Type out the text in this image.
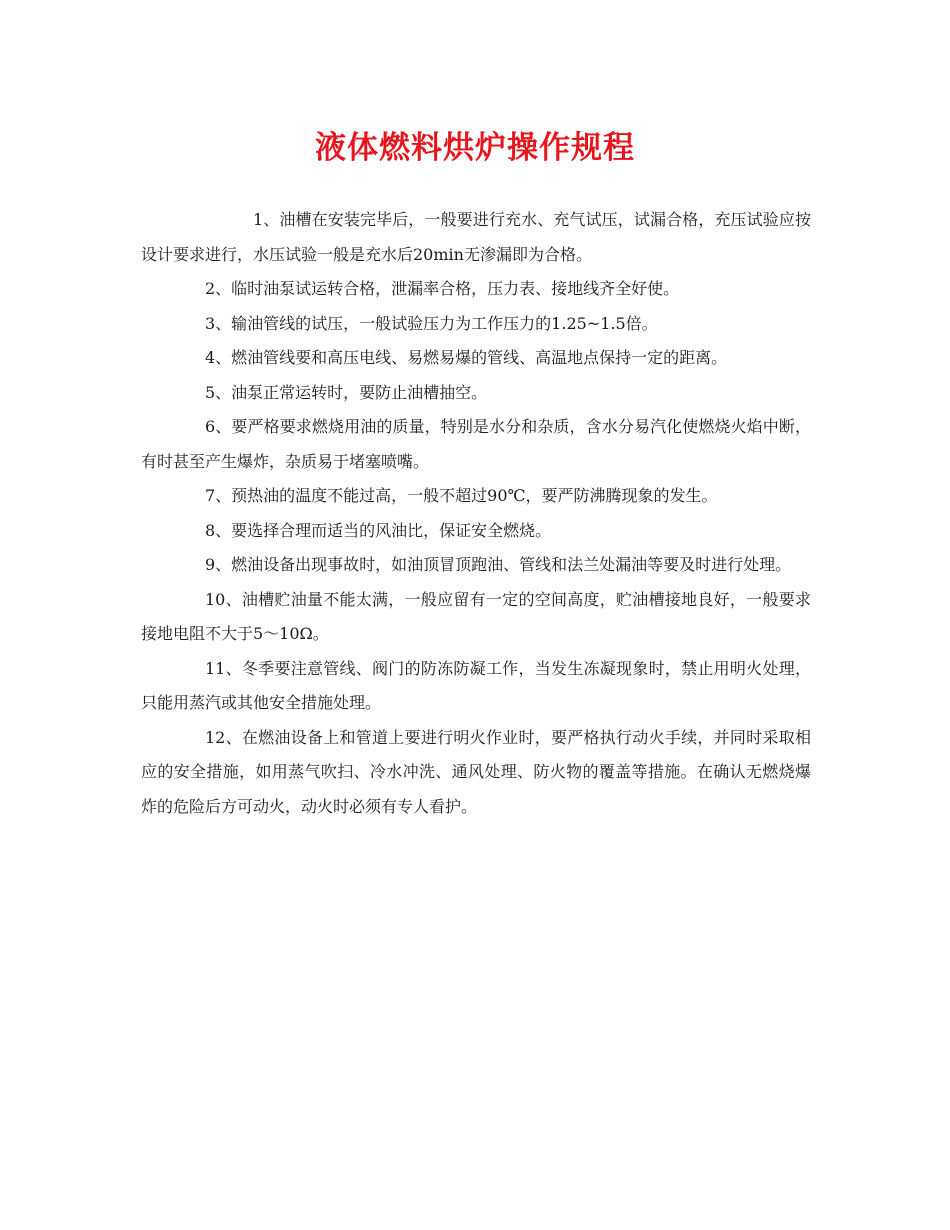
液体燃料烘炉操作规程

1、油槽在安装完毕后，一般要进行充水、充气试压，试漏合格，充压试验应按设计要求进行，水压试验一般是充水后20min无渗漏即为合格。

2、临时油泵试运转合格，泄漏率合格，压力表、接地线齐全好使。

3、输油管线的试压，一般试验压力为工作压力的1.25~1.5倍。

4、燃油管线要和高压电线、易燃易爆的管线、高温地点保持一定的距离。

5、油泵正常运转时，要防止油槽抽空。

6、要严格要求燃烧用油的质量，特别是水分和杂质，含水分易汽化使燃烧火焰中断，有时甚至产生爆炸，杂质易于堵塞喷嘴。

7、预热油的温度不能过高，一般不超过90℃，要严防沸腾现象的发生。

8、要选择合理而适当的风油比，保证安全燃烧。

9、燃油设备出现事故时，如油顶冒顶跑油、管线和法兰处漏油等要及时进行处理。

10、油槽贮油量不能太满，一般应留有一定的空间高度，贮油槽接地良好，一般要求接地电阻不大于5～10Ω。

11、冬季要注意管线、阀门的防冻防凝工作，当发生冻凝现象时，禁止用明火处理，只能用蒸汽或其他安全措施处理。

12、在燃油设备上和管道上要进行明火作业时，要严格执行动火手续，并同时采取相应的安全措施，如用蒸气吹扫、冷水冲洗、通风处理、防火物的覆盖等措施。在确认无燃烧爆炸的危险后方可动火，动火时必须有专人看护。
